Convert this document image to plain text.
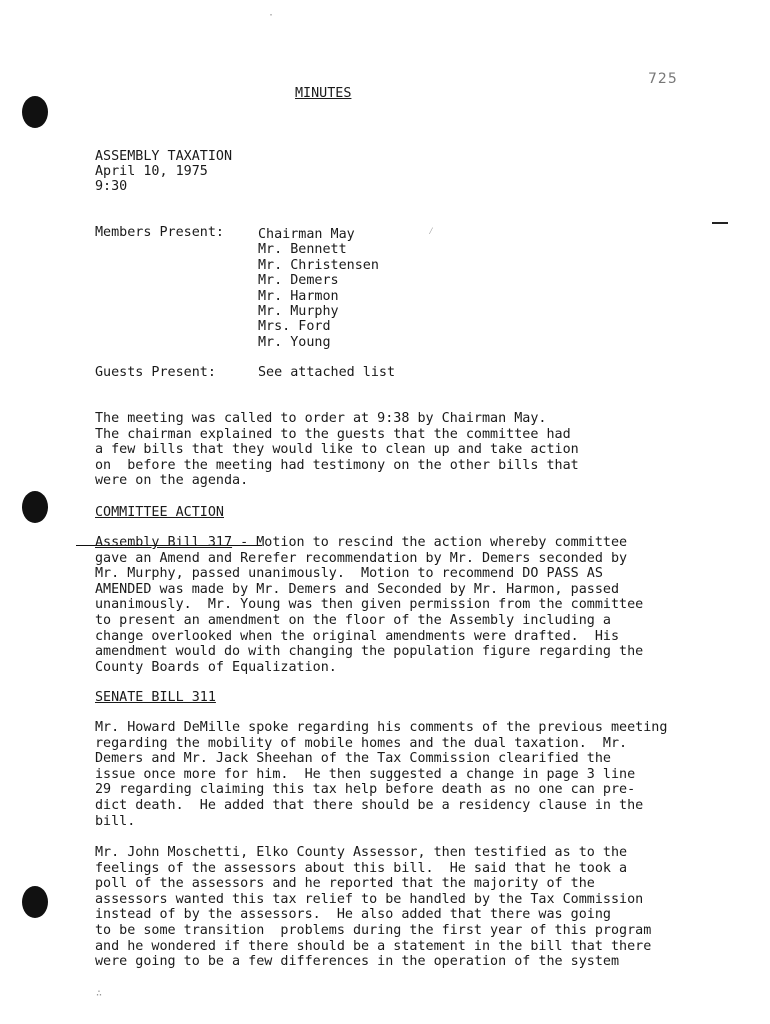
725
·
⁄
∴
MINUTES
ASSEMBLY TAXATION
April 10, 1975
9:30
Members Present:	Chairman May
Mr. Bennett
Mr. Christensen
Mr. Demers
Mr. Harmon
Mr. Murphy
Mrs. Ford
Mr. Young
Guests Present:	See attached list
The meeting was called to order at 9:38 by Chairman May.
The chairman explained to the guests that the committee had
a few bills that they would like to clean up and take action
on  before the meeting had testimony on the other bills that
were on the agenda.
COMMITTEE ACTION
Assembly Bill 317 - Motion to rescind the action whereby committee
gave an Amend and Rerefer recommendation by Mr. Demers seconded by
Mr. Murphy, passed unanimously.  Motion to recommend DO PASS AS
AMENDED was made by Mr. Demers and Seconded by Mr. Harmon, passed
unanimously.  Mr. Young was then given permission from the committee
to present an amendment on the floor of the Assembly including a
change overlooked when the original amendments were drafted.  His
amendment would do with changing the population figure regarding the
County Boards of Equalization.
SENATE BILL 311
Mr. Howard DeMille spoke regarding his comments of the previous meeting
regarding the mobility of mobile homes and the dual taxation.  Mr.
Demers and Mr. Jack Sheehan of the Tax Commission clearified the
issue once more for him.  He then suggested a change in page 3 line
29 regarding claiming this tax help before death as no one can pre-
dict death.  He added that there should be a residency clause in the
bill.
Mr. John Moschetti, Elko County Assessor, then testified as to the
feelings of the assessors about this bill.  He said that he took a
poll of the assessors and he reported that the majority of the
assessors wanted this tax relief to be handled by the Tax Commission
instead of by the assessors.  He also added that there was going
to be some transition  problems during the first year of this program
and he wondered if there should be a statement in the bill that there
were going to be a few differences in the operation of the system
